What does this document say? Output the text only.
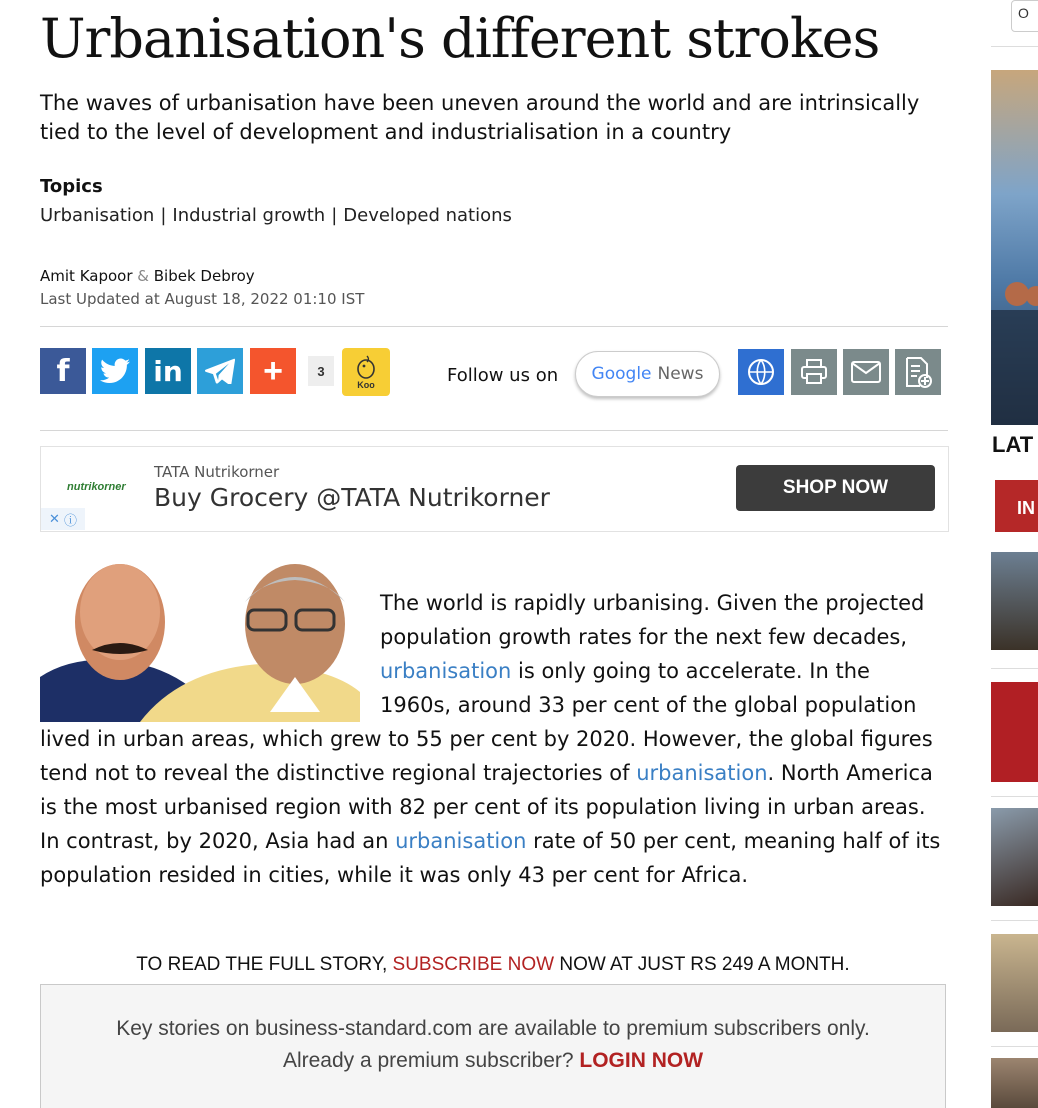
Urbanisation's different strokes

The waves of urbanisation have been uneven around the world and are intrinsically tied to the level of development and industrialisation in a country

Topics
Urbanisation | Industrial growth | Developed nations
Amit Kapoor & Bibek Debroy
Last Updated at August 18, 2022 01:10 IST
f	in +	3
Koo	Follow us on Google News
nutrikorner
TATA Nutrikorner
Buy Grocery @TATA Nutrikorner	SHOP NOW
✕ ⓘ

The world is rapidly urbanising. Given the projected population growth rates for the next few decades, urbanisation is only going to accelerate. In the 1960s, around 33 per cent of the global population lived in urban areas, which grew to 55 per cent by 2020. However, the global figures tend not to reveal the distinctive regional trajectories of urbanisation. North America is the most urbanised region with 82 per cent of its population living in urban areas. In contrast, by 2020, Asia had an urbanisation rate of 50 per cent, meaning half of its population resided in cities, while it was only 43 per cent for Africa.

TO READ THE FULL STORY, SUBSCRIBE NOW NOW AT JUST RS 249 A MONTH.
Key stories on business-standard.com are available to premium subscribers only.
Already a premium subscriber? LOGIN NOW
O
LAT
IN
